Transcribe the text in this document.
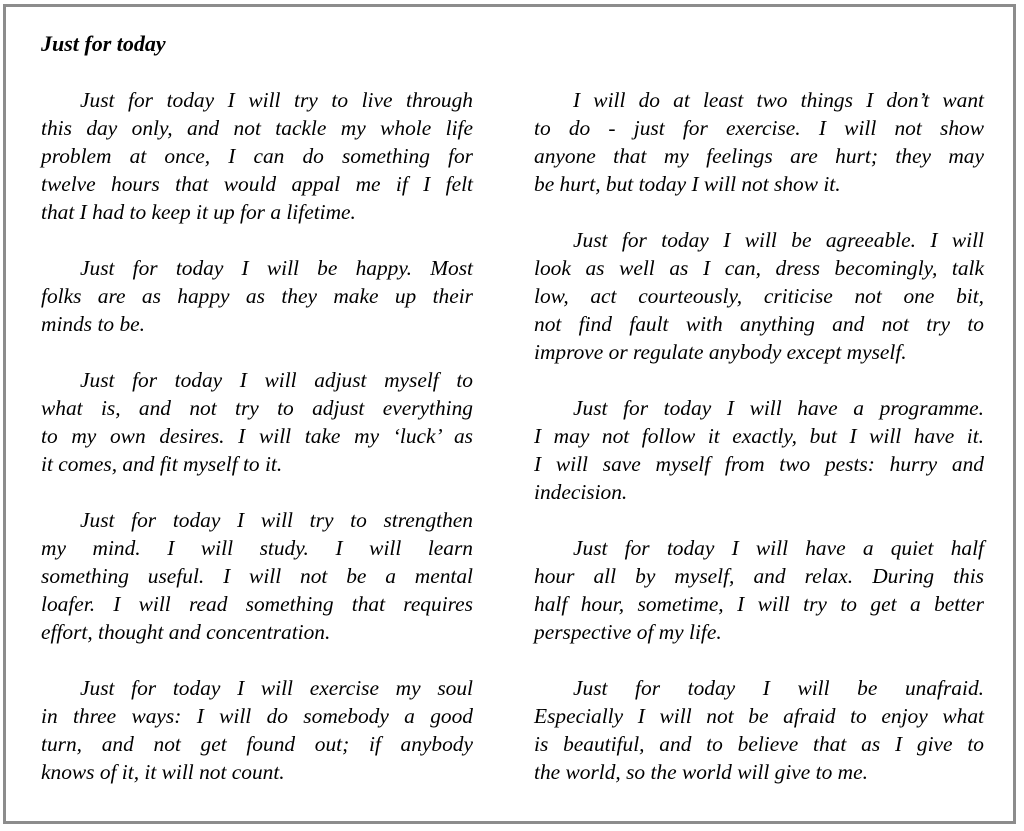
Just for today

Just for today I will try to live through
this day only, and not tackle my whole life
problem at once, I can do something for
twelve hours that would appal me if I felt
that I had to keep it up for a lifetime.

Just for today I will be happy. Most
folks are as happy as they make up their
minds to be.

Just for today I will adjust myself to
what is, and not try to adjust everything
to my own desires. I will take my ‘luck’ as
it comes, and fit myself to it.

Just for today I will try to strengthen
my mind. I will study. I will learn
something useful. I will not be a mental
loafer. I will read something that requires
effort, thought and concentration.

Just for today I will exercise my soul
in three ways: I will do somebody a good
turn, and not get found out; if anybody
knows of it, it will not count.

I will do at least two things I don’t want
to do - just for exercise. I will not show
anyone that my feelings are hurt; they may
be hurt, but today I will not show it.

Just for today I will be agreeable. I will
look as well as I can, dress becomingly, talk
low, act courteously, criticise not one bit,
not find fault with anything and not try to
improve or regulate anybody except myself.

Just for today I will have a programme.
I may not follow it exactly, but I will have it.
I will save myself from two pests: hurry and
indecision.

Just for today I will have a quiet half
hour all by myself, and relax. During this
half hour, sometime, I will try to get a better
perspective of my life.

Just for today I will be unafraid.
Especially I will not be afraid to enjoy what
is beautiful, and to believe that as I give to
the world, so the world will give to me.
